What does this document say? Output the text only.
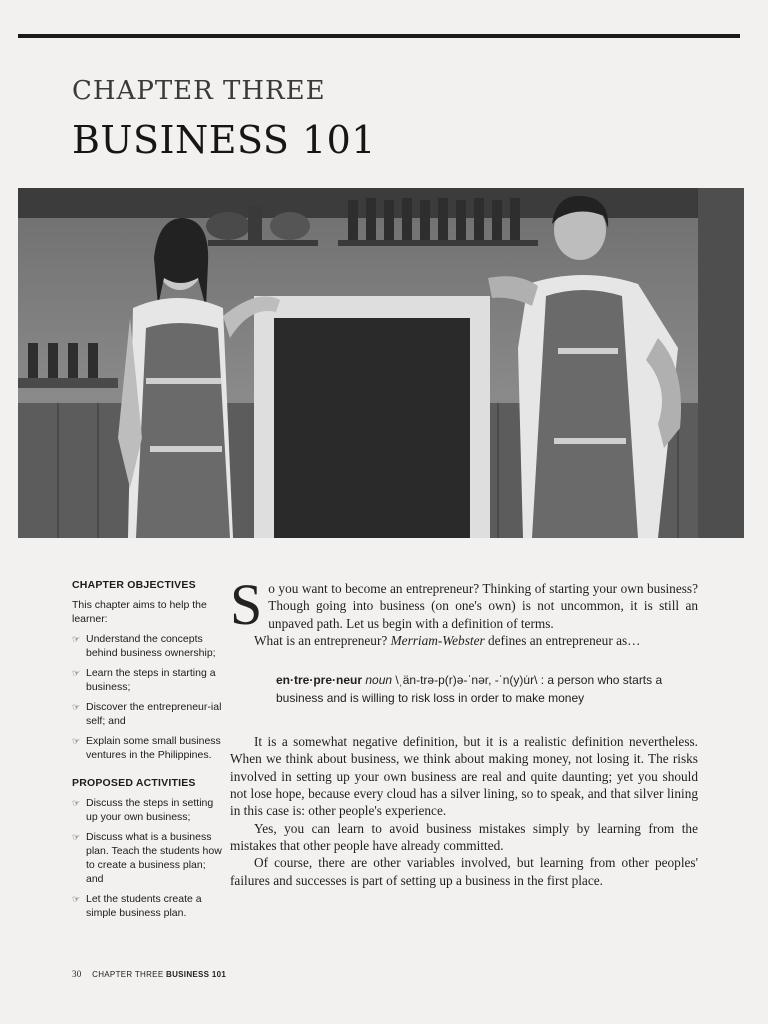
CHAPTER THREE
BUSINESS 101
CHAPTER OBJECTIVES

This chapter aims to help the learner:

☞ Understand the concepts behind business ownership;
☞ Learn the steps in starting a business;
☞ Discover the entrepreneur-ial self; and
☞ Explain some small business ventures in the Philippines.
PROPOSED ACTIVITIES
☞ Discuss the steps in setting up your own business;
☞ Discuss what is a business plan. Teach the students how to create a business plan; and
☞ Let the students create a simple business plan.

So you want to become an entrepreneur? Thinking of starting your own business? Though going into business (on one's own) is not uncommon, it is still an unpaved path. Let us begin with a definition of terms.

What is an entrepreneur? Merriam-Webster defines an entrepreneur as…

en·tre·pre·neur noun \ˌän-trə-p(r)ə-ˈnər, -ˈn(y)u̇r\ : a person who starts a business and is willing to risk loss in order to make money

It is a somewhat negative definition, but it is a realistic definition nevertheless. When we think about business, we think about making money, not losing it. The risks involved in setting up your own business are real and quite daunting; yet you should not lose hope, because every cloud has a silver lining, so to speak, and that silver lining in this case is: other people's experience.

Yes, you can learn to avoid business mistakes simply by learning from the mistakes that other people have already committed.

Of course, there are other variables involved, but learning from other peoples' failures and successes is part of setting up a business in the first place.

30 CHAPTER THREE BUSINESS 101
